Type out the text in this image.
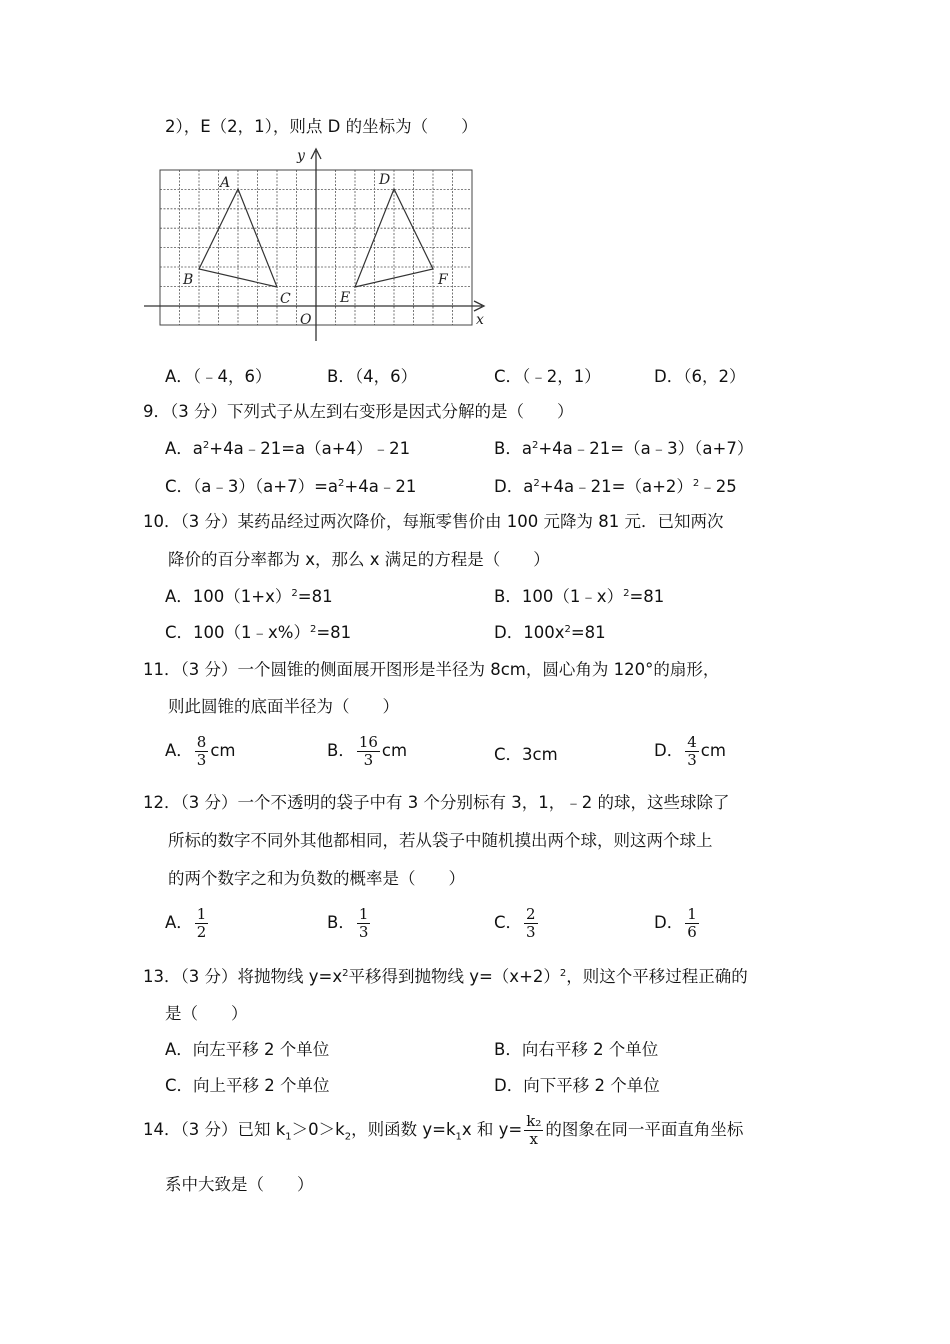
2），E（2，1），则点 D 的坐标为（　　）
A
B
C
D
E
F
O	x
y
A．（﹣4，6）	B．（4，6）	C．（﹣2，1）	D．（6，2）
9．（3 分）下列式子从左到右变形是因式分解的是（　　）
A．$a^2+4a﹣21=a(a+4)﹣21$	B．$a^2+4a﹣21=(a﹣3)(a+7)$
C．$(a﹣3)(a+7)=a^2+4a﹣21$	D．$a^2+4a﹣21=(a+2)^2﹣25$
10．（3 分）某药品经过两次降价，每瓶零售价由 100 元降为 81 元．已知两次
降价的百分率都为 x，那么 x 满足的方程是（　　）
A．$100(1+x)^2=81$	B．100（1﹣x）$^2$=81
C．100（1﹣x%）$^2$=81	D．$100x^2=81$
11．（3 分）一个圆锥的侧面展开图形是半径为 8cm，圆心角为 120°的扇形，
则此圆锥的底面半径为（　　）
A． $\frac{8}{3}$ cm	B． $\frac{16}{3}$ cm	C．3cm	D． $\frac{4}{3}$ cm
12．（3 分）一个不透明的袋子中有 3 个分别标有 3，1，﹣2 的球，这些球除了
所标的数字不同外其他都相同，若从袋子中随机摸出两个球，则这两个球上
的两个数字之和为负数的概率是（　　）
A． $\frac{1}{2}$	B． $\frac{1}{3}$	C． $\frac{2}{3}$	D． $\frac{1}{6}$
13．（3 分）将抛物线 $y=x^2$平移得到抛物线 $y=(x+2)^2$，则这个平移过程正确的
是（　　）
A．向左平移 2 个单位	B．向右平移 2 个单位
C．向上平移 2 个单位	D．向下平移 2 个单位
14．（3 分）已知 $k_1>0>k_2$，则函数 $y=k_1x$ 和 $y= \frac{\text{k₂}}{x}$ 的图象在同一平面直角坐标
系中大致是（　　）
